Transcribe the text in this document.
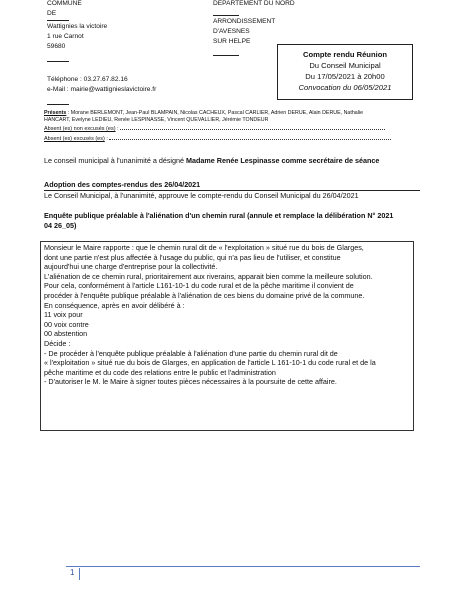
COMMUNE
DE
Wattignies la victoire
1 rue Carnot
59680
Téléphone : 03.27.67.82.16
e-Mail : mairie@wattignieslavictoire.fr
DEPARTEMENT DU NORD
ARRONDISSEMENT
D'AVESNES
SUR HELPE
Compte rendu Réunion
Du Conseil Municipal
Du 17/05/2021 à 20h00
Convocation du 06/05/2021
Présents : Morane BERLEMONT, Jean-Paul BLAMPAIN, Nicolas CACHEUX, Pascal CARLIER, Adrien DERUE, Alain DERUE, Nathalie
HANCART, Evelyne LEDIEU, Renée LESPINASSE, Vincent QUEVALLIER, Jérémie TONDEUR
Absent (es) non excusés (es) :
Absent (es) excusés (es) :
Le conseil municipal à l'unanimité a désigné Madame Renée Lespinasse comme secrétaire de séance
Adoption des comptes-rendus des 26/04/2021
Le Conseil Municipal, à l'unanimité, approuve le compte-rendu du Conseil Municipal du 26/04/2021
Enquête publique préalable à l'aliénation d'un chemin rural (annule et remplace la délibération N° 2021
04 26_05)
Monsieur le Maire rapporte : que le chemin rural dit de « l'exploitation » situé rue du bois de Glarges,
dont une partie n'est plus affectée à l'usage du public, qui n'a pas lieu de l'utiliser, et constitue
aujourd'hui une charge d'entreprise pour la collectivité.
L'aliénation de ce chemin rural, prioritairement aux riverains, apparait bien comme la meilleure solution.
Pour cela, conformément à l'article L161-10-1 du code rural et de la pêche maritime il convient de
procéder à l'enquête publique préalable à l'aliénation de ces biens du domaine privé de la commune.
En conséquence, après en avoir délibéré à :
11 voix pour
00 voix contre
00 abstention
Décide :
- De procéder à l'enquête publique préalable à l'aliénation d'une partie du chemin rural dit de
« l'exploitation » situé rue du bois de Glarges, en application de l'article L 161-10-1 du code rural et de la
pêche maritime et du code des relations entre le public et l'administration
- D'autoriser le M. le Maire à signer toutes pièces nécessaires à la poursuite de cette affaire.
1
